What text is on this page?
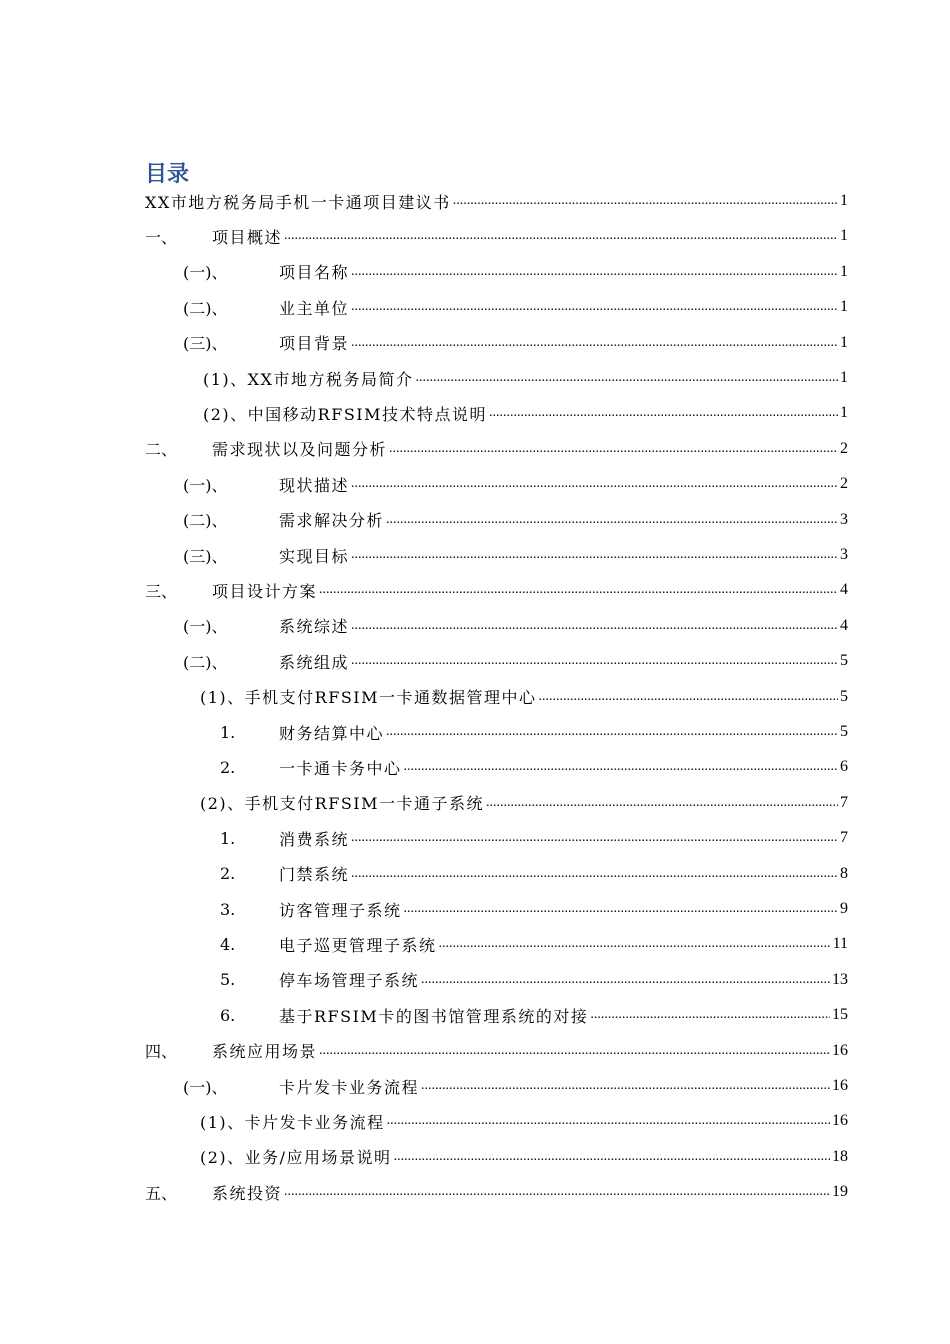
目录
XX市地方税务局手机一卡通项目建议书 .....	1
一、	项目概述 .....	1
(一)、	项目名称 .....	1
(二)、	业主单位 .....	1
(三)、	项目背景 .....	1
(1)、XX市地方税务局简介 .....	1
(2)、中国移动RFSIM技术特点说明 .....	1
二、	需求现状以及问题分析 .....	2
(一)、	现状描述 .....	2
(二)、	需求解决分析 .....	3
(三)、	实现目标 .....	3
三、	项目设计方案 .....	4
(一)、	系统综述 .....	4
(二)、	系统组成 .....	5
(1)、手机支付RFSIM一卡通数据管理中心 .....	5
1.	财务结算中心 .....	5
2.	一卡通卡务中心 .....	6
(2)、手机支付RFSIM一卡通子系统 .....	7
1.	消费系统 .....	7
2.	门禁系统 .....	8
3.	访客管理子系统 .....	9
4.	电子巡更管理子系统 .....	11
5.	停车场管理子系统 .....	13
6.	基于RFSIM卡的图书馆管理系统的对接 .....	15
四、	系统应用场景 .....	16
(一)、	卡片发卡业务流程 .....	16
(1)、卡片发卡业务流程 .....	16
(2)、业务/应用场景说明 .....	18
五、	系统投资 .....	19
